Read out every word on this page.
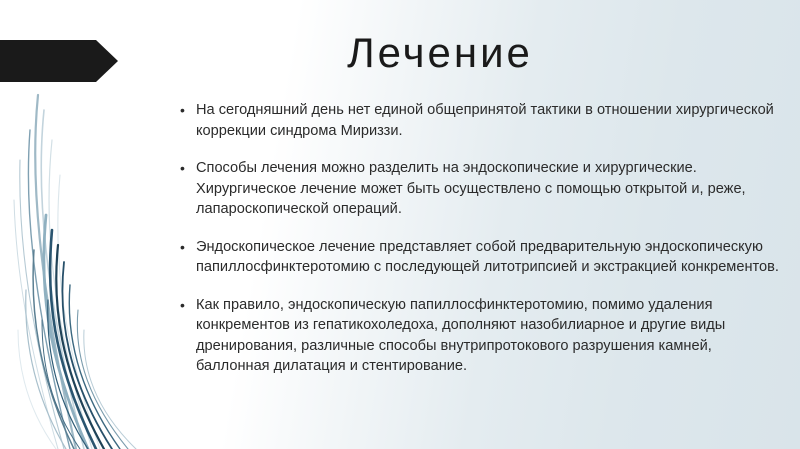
Лечение
• На сегодняшний день нет единой общепринятой тактики в отношении хирургической коррекции синдрома Мириззи.
• Способы лечения можно разделить на эндоскопические и хирургические. Хирургическое лечение может быть осуществлено с помощью открытой и, реже, лапароскопической операций.
• Эндоскопическое лечение представляет собой предварительную эндоскопическую папиллосфинктеротомию с последующей литотрипсией и экстракцией конкрементов.
• Как правило, эндоскопическую папиллосфинктеротомию, помимо удаления конкрементов из гепатикохоледоха, дополняют назобилиарное и другие виды дренирования, различные способы внутрипротокового разрушения камней, баллонная дилатация и стентирование.
